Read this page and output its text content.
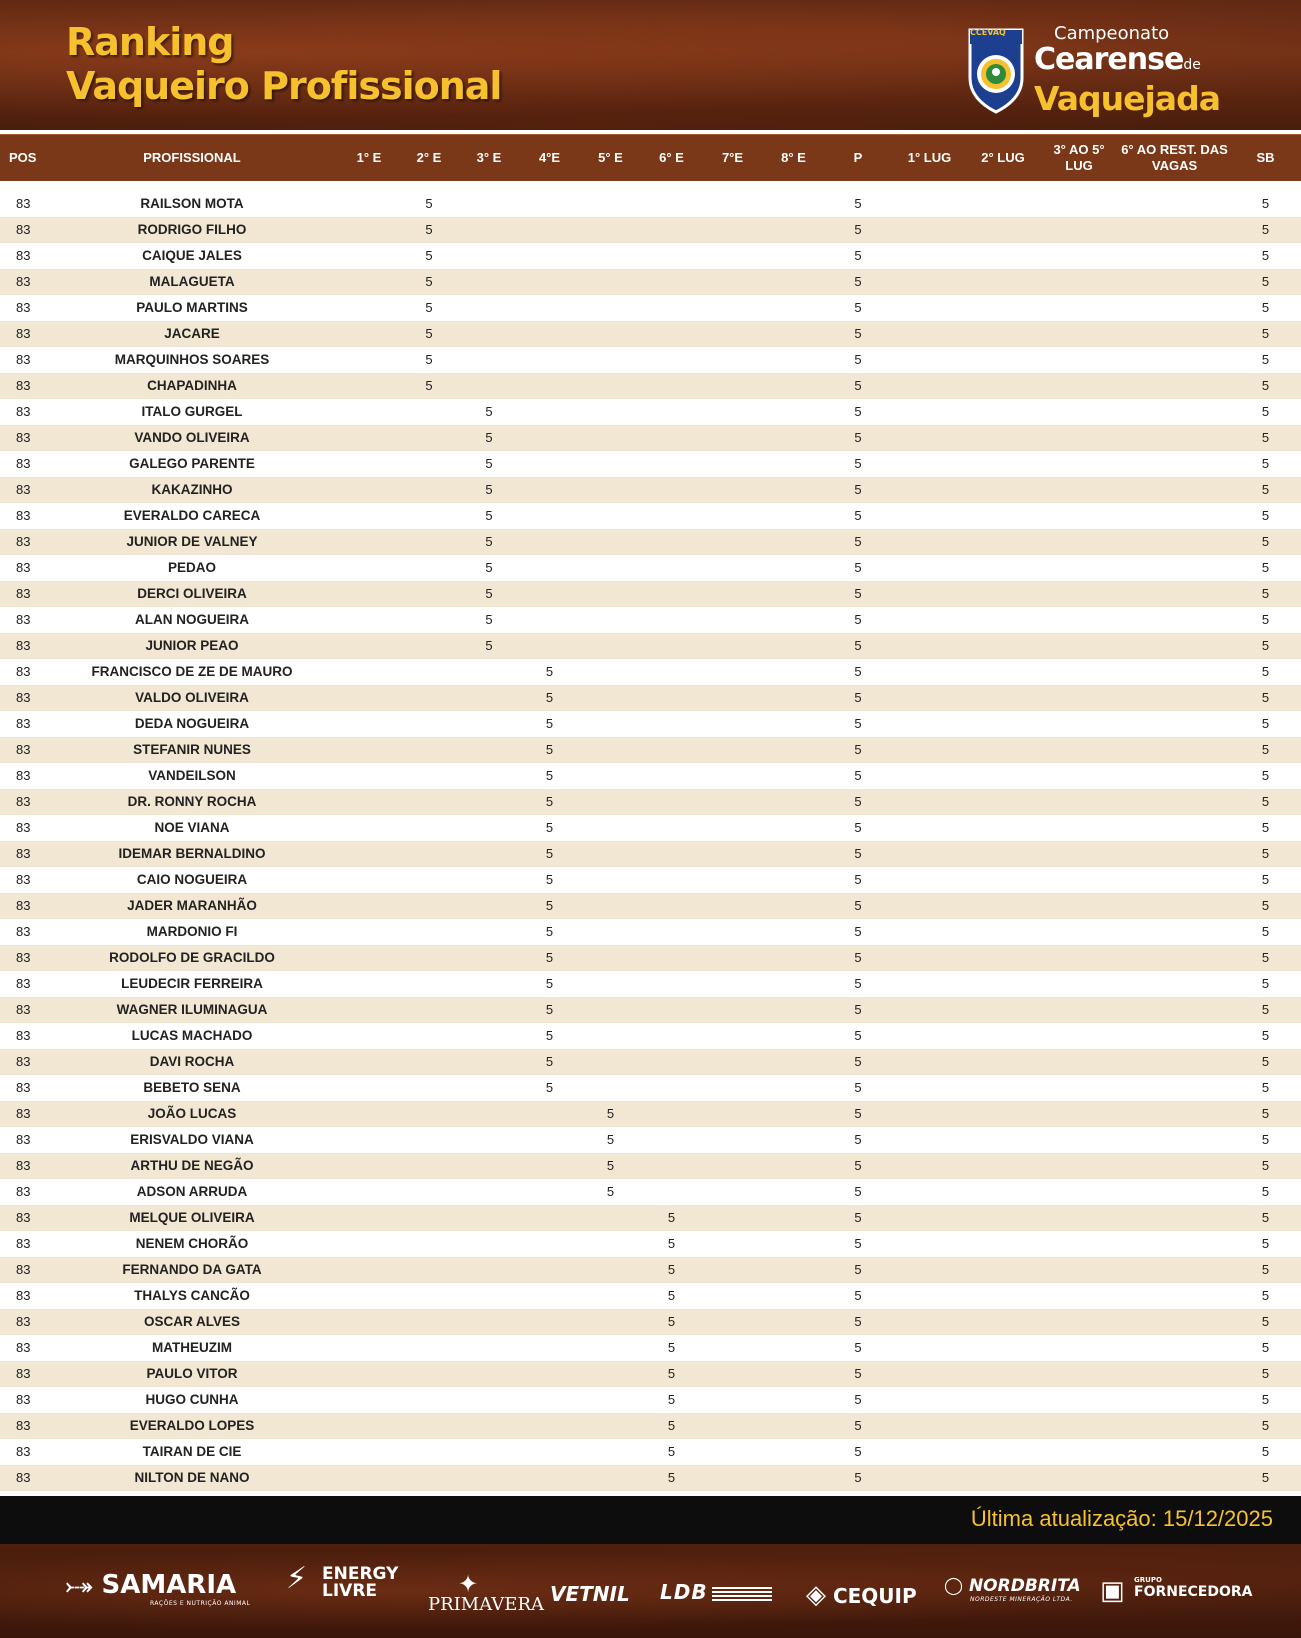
Ranking
Vaqueiro Profissional
CCEVAQ	Campeonato
Cearensede
Vaquejada
POS	PROFISSIONAL	1° E	2° E	3° E	4°E	5° E	6° E	7°E	8° E	P	1° LUG	2° LUG	3° AO 5° LUG	6° AO REST. DAS VAGAS	SB

83	RAILSON MOTA		5							5					5
83	RODRIGO FILHO		5							5					5
83	CAIQUE JALES		5							5					5
83	MALAGUETA		5							5					5
83	PAULO MARTINS		5							5					5
83	JACARE		5							5					5
83	MARQUINHOS SOARES		5							5					5
83	CHAPADINHA		5							5					5
83	ITALO GURGEL			5						5					5
83	VANDO OLIVEIRA			5						5					5
83	GALEGO PARENTE			5						5					5
83	KAKAZINHO			5						5					5
83	EVERALDO CARECA			5						5					5
83	JUNIOR DE VALNEY			5						5					5
83	PEDAO			5						5					5
83	DERCI OLIVEIRA			5						5					5
83	ALAN NOGUEIRA			5						5					5
83	JUNIOR PEAO			5						5					5
83	FRANCISCO DE ZE DE MAURO				5					5					5
83	VALDO OLIVEIRA				5					5					5
83	DEDA NOGUEIRA				5					5					5
83	STEFANIR NUNES				5					5					5
83	VANDEILSON				5					5					5
83	DR. RONNY ROCHA				5					5					5
83	NOE VIANA				5					5					5
83	IDEMAR BERNALDINO				5					5					5
83	CAIO NOGUEIRA				5					5					5
83	JADER MARANHÃO				5					5					5
83	MARDONIO FI				5					5					5
83	RODOLFO DE GRACILDO				5					5					5
83	LEUDECIR FERREIRA				5					5					5
83	WAGNER ILUMINAGUA				5					5					5
83	LUCAS MACHADO				5					5					5
83	DAVI ROCHA				5					5					5
83	BEBETO SENA				5					5					5
83	JOÃO LUCAS					5				5					5
83	ERISVALDO VIANA					5				5					5
83	ARTHU DE NEGÃO					5				5					5
83	ADSON ARRUDA					5				5					5
83	MELQUE OLIVEIRA						5			5					5
83	NENEM CHORÃO						5			5					5
83	FERNANDO DA GATA						5			5					5
83	THALYS CANCÃO						5			5					5
83	OSCAR ALVES						5			5					5
83	MATHEUZIM						5			5					5
83	PAULO VITOR						5			5					5
83	HUGO CUNHA						5			5					5
83	EVERALDO LOPES						5			5					5
83	TAIRAN DE CIE						5			5					5
83	NILTON DE NANO						5			5					5
Última atualização: 15/12/2025
⤐ SAMARIA
RAÇÕES E NUTRIÇÃO ANIMAL
⚡ ENERGY LIVRE	✦
PRIMAVERA VETNIL LDB	◈ CEQUIP ◯ NORDBRITA
NORDESTE MINERAÇÃO LTDA.	▣ GRUPO
FORNECEDORA
